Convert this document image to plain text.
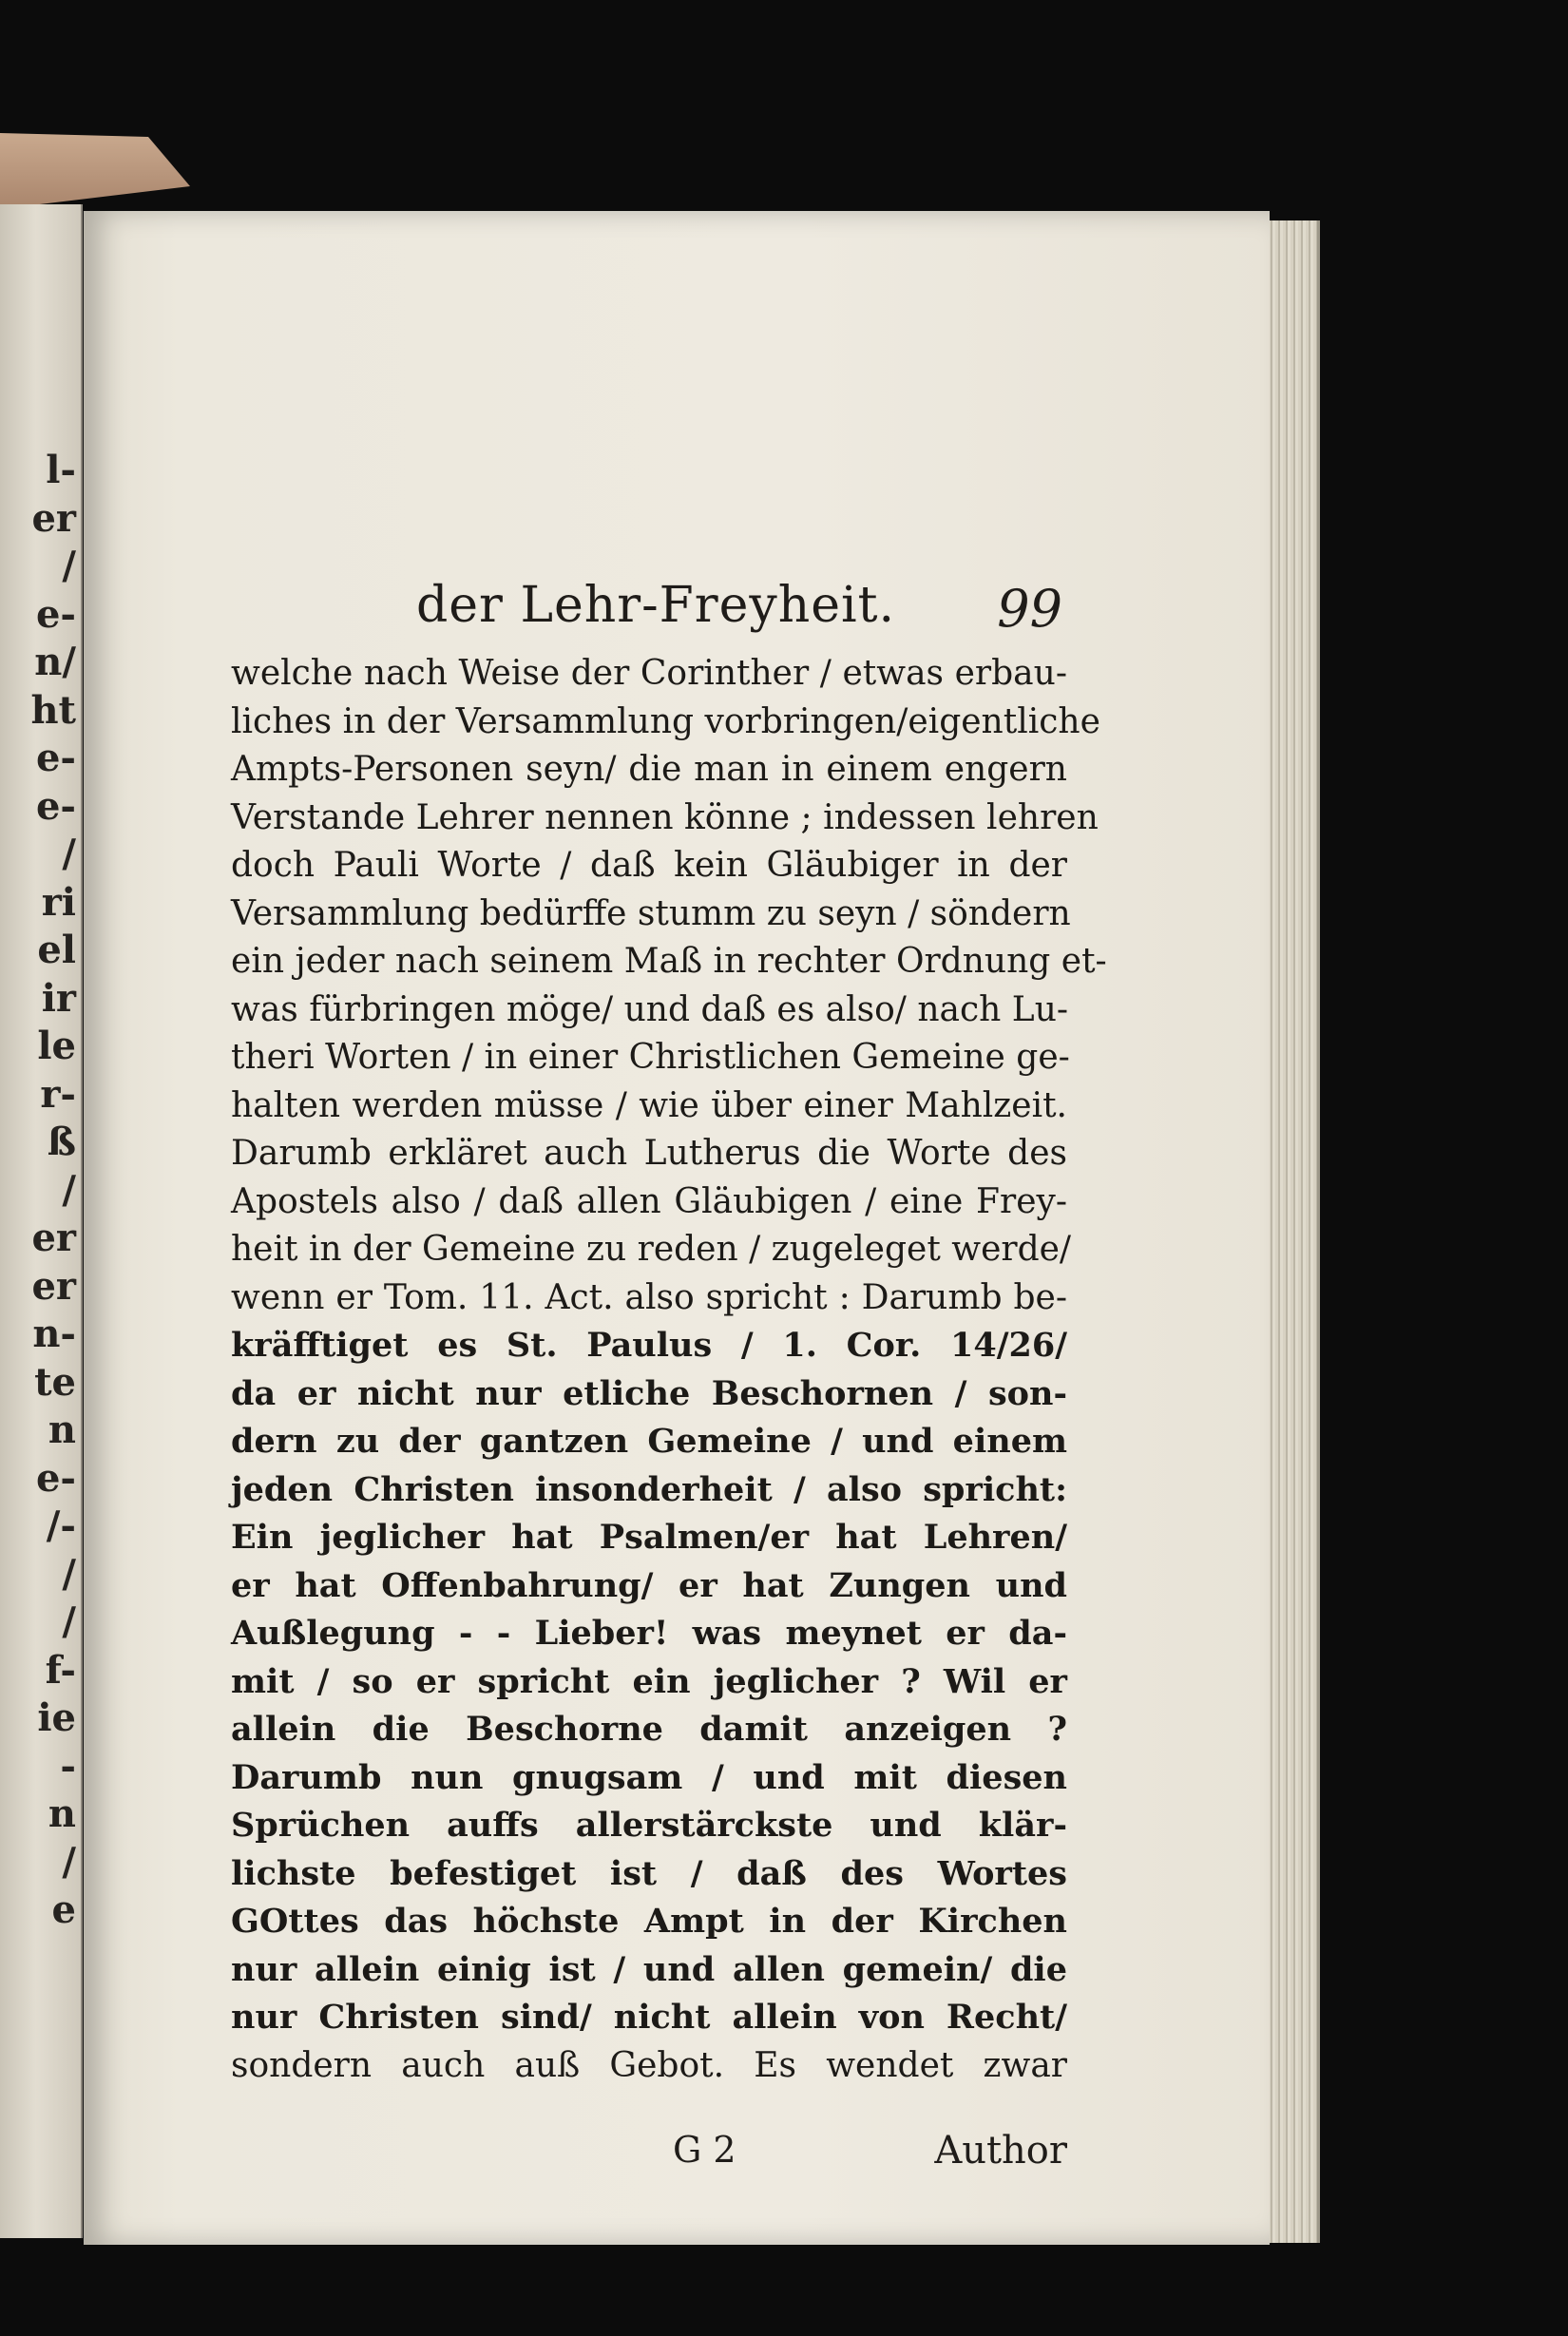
l-
er
/
e-
n/
ht
e-
e-
/
ri
el
ir
le
r-
ß
/
er
er
n-
te
n
e-
/-
/
/
f-
ie
-
n
/
e
der Lehr-Freyheit. 99
welche nach Weise der Corinther / etwas erbau-
liches in der Versammlung vorbringen/eigentliche
Ampts-Personen seyn/ die man in einem engern
Verstande Lehrer nennen könne ; indessen lehren
doch Pauli Worte / daß kein Gläubiger in der
Versammlung bedürffe stumm zu seyn / söndern
ein jeder nach seinem Maß in rechter Ordnung et-
was fürbringen möge/ und daß es also/ nach Lu-
theri Worten / in einer Christlichen Gemeine ge-
halten werden müsse / wie über einer Mahlzeit.
Darumb erkläret auch Lutherus die Worte des
Apostels also / daß allen Gläubigen / eine Frey-
heit in der Gemeine zu reden / zugeleget werde/
wenn er Tom. 11. Act. also spricht : Darumb be-
kräfftiget es St. Paulus / 1. Cor. 14/26/
da er nicht nur etliche Beschornen / son-
dern zu der gantzen Gemeine / und einem
jeden Christen insonderheit / also spricht:
Ein jeglicher hat Psalmen/er hat Lehren/
er hat Offenbahrung/ er hat Zungen und
Außlegung - - Lieber! was meynet er da-
mit / so er spricht ein jeglicher ? Wil er
allein die Beschorne damit anzeigen ?
Darumb nun gnugsam / und mit diesen
Sprüchen auffs allerstärckste und klär-
lichste befestiget ist / daß des Wortes
GOttes das höchste Ampt in der Kirchen
nur allein einig ist / und allen gemein/ die
nur Christen sind/ nicht allein von Recht/
sondern auch auß Gebot. Es wendet zwar
G 2	Author
